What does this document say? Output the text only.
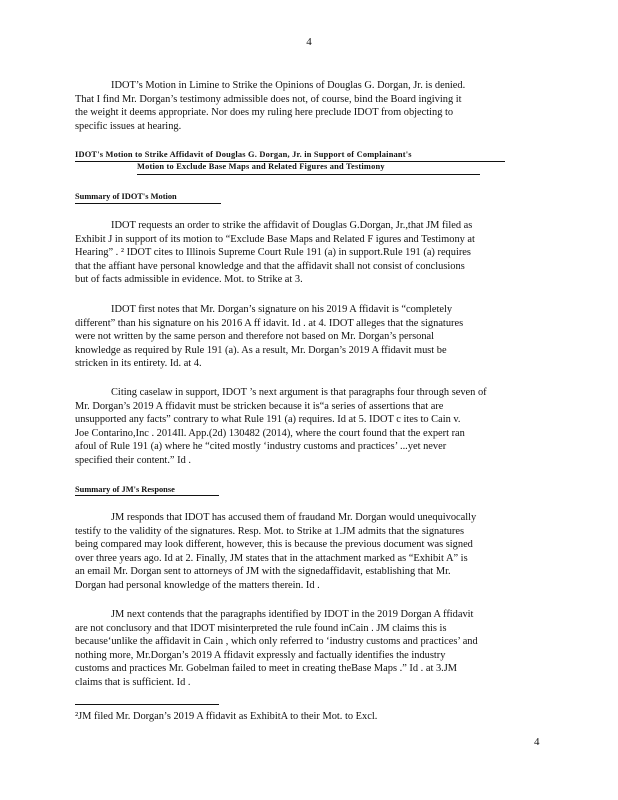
4
IDOT’s Motion in Limine to Strike the Opinions of Douglas G. Dorgan, Jr. is denied.
That I find Mr. Dorgan’s testimony admissible does not, of course, bind the Board ingiving it
the weight it deems appropriate. Nor does my ruling here preclude IDOT from objecting to
specific issues at hearing.
IDOT's Motion to Strike Affidavit of Douglas G. Dorgan, Jr. in Support of Complainant's
Motion to Exclude Base Maps and Related Figures and Testimony
Summary of IDOT's Motion
IDOT requests an order to strike the affidavit of Douglas G.Dorgan, Jr.,that JM filed as
Exhibit J in support of its motion to “Exclude Base Maps and Related F igures and Testimony at
Hearing” . ² IDOT cites to Illinois Supreme Court Rule 191 (a) in support.Rule 191 (a) requires
that the affiant have personal knowledge and that the affidavit shall not consist of conclusions
but of facts admissible in evidence. Mot. to Strike at 3.
IDOT first notes that Mr. Dorgan’s signature on his 2019 A ffidavit is “completely
different” than his signature on his 2016 A ff idavit. Id . at 4. IDOT alleges that the signatures
were not written by the same person and therefore not based on Mr. Dorgan’s personal
knowledge as required by Rule 191 (a). As a result, Mr. Dorgan’s 2019 A ffidavit must be
stricken in its entirety. Id. at 4.
Citing caselaw in support, IDOT ’s next argument is that paragraphs four through seven of
Mr. Dorgan’s 2019 A ffidavit must be stricken because it is“a series of assertions that are
unsupported any facts” contrary to what Rule 191 (a) requires. Id at 5. IDOT c ites to Cain v.
Joe Contarino,Inc . 2014Il. App.(2d) 130482 (2014), where the court found that the expert ran
afoul of Rule 191 (a) where he “cited mostly ‘industry customs and practices’ ...yet never
specified their content.” Id .
Summary of JM's Response
JM responds that IDOT has accused them of fraudand Mr. Dorgan would unequivocally
testify to the validity of the signatures. Resp. Mot. to Strike at 1.JM admits that the signatures
being compared may look different, however, this is because the previous document was signed
over three years ago. Id at 2. Finally, JM states that in the attachment marked as “Exhibit A” is
an email Mr. Dorgan sent to attorneys of JM with the signedaffidavit, establishing that Mr.
Dorgan had personal knowledge of the matters therein. Id .
JM next contends that the paragraphs identified by IDOT in the 2019 Dorgan A ffidavit
are not conclusory and that IDOT misinterpreted the rule found inCain . JM claims this is
because‘unlike the affidavit in Cain , which only referred to ‘industry customs and practices’ and
nothing more, Mr.Dorgan’s 2019 A ffidavit expressly and factually identifies the industry
customs and practices Mr. Gobelman failed to meet in creating theBase Maps .” Id . at 3.JM
claims that is sufficient. Id .
²JM filed Mr. Dorgan’s 2019 A ffidavit as ExhibitA to their Mot. to Excl.
4
